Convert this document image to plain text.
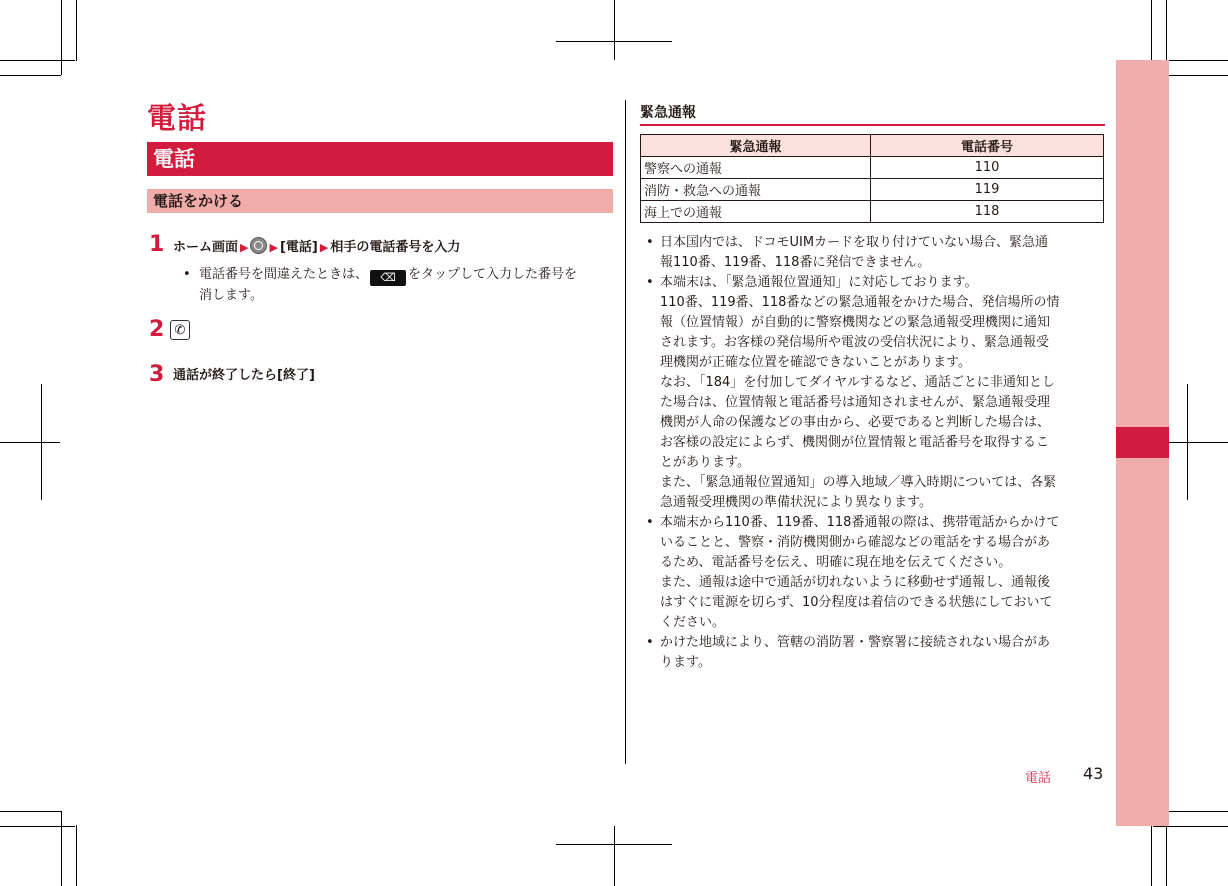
電話
電話
電話をかける
1 ホーム画面 ▶ ▶ [電話] ▶ 相手の電話番号を入力
• 電話番号を間違えたときは、 ⌫ をタップして入力した番号を
消します。
2 ✆
3 通話が終了したら[終了]
緊急通報
緊急通報	電話番号
警察への通報	110
消防・救急への通報	119
海上での通報	118
• 日本国内では、ドコモUIMカードを取り付けていない場合、緊急通
報110番、119番、118番に発信できません。
• 本端末は、「緊急通報位置通知」に対応しております。
110番、119番、118番などの緊急通報をかけた場合、発信場所の情
報（位置情報）が自動的に警察機関などの緊急通報受理機関に通知
されます。お客様の発信場所や電波の受信状況により、緊急通報受
理機関が正確な位置を確認できないことがあります。
なお、「184」を付加してダイヤルするなど、通話ごとに非通知とし
た場合は、位置情報と電話番号は通知されませんが、緊急通報受理
機関が人命の保護などの事由から、必要であると判断した場合は、
お客様の設定によらず、機関側が位置情報と電話番号を取得するこ
とがあります。
また、「緊急通報位置通知」の導入地域／導入時期については、各緊
急通報受理機関の準備状況により異なります。
• 本端末から110番、119番、118番通報の際は、携帯電話からかけて
いることと、警察・消防機関側から確認などの電話をする場合があ
るため、電話番号を伝え、明確に現在地を伝えてください。
また、通報は途中で通話が切れないように移動せず通報し、通報後
はすぐに電源を切らず、10分程度は着信のできる状態にしておいて
ください。
• かけた地域により、管轄の消防署・警察署に接続されない場合があ
ります。
電話 43
